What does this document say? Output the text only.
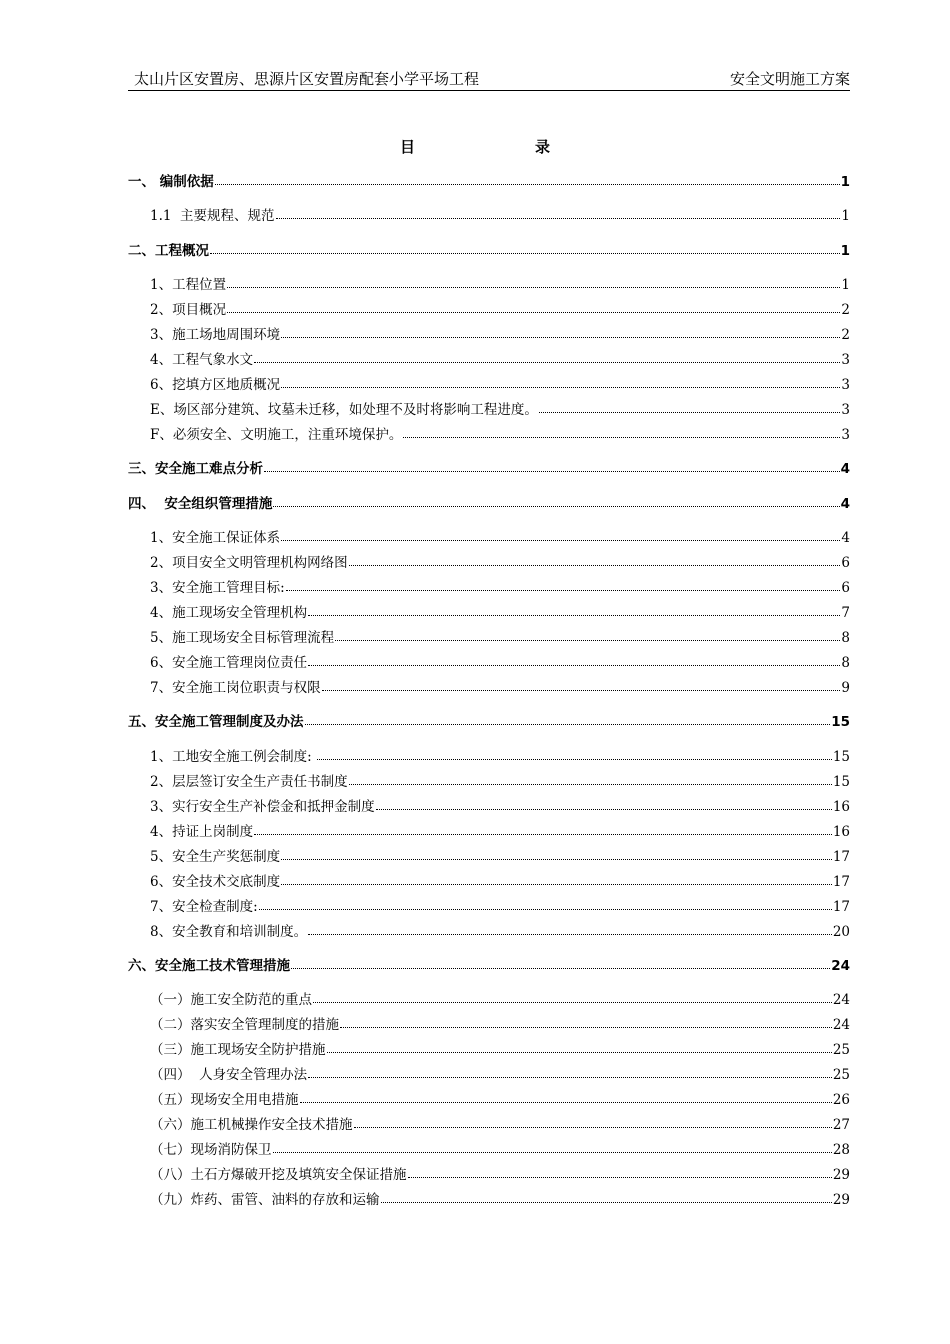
太山片区安置房、思源片区安置房配套小学平场工程	安全文明施工方案
目	录
一、 编制依据	1
1.1  主要规程、规范	1
二、工程概况	1
1、工程位置	1
2、项目概况	2
3、施工场地周围环境	2
4、工程气象水文	3
6、挖填方区地质概况	3
E、场区部分建筑、坟墓未迁移，如处理不及时将影响工程进度。	3
F、必须安全、文明施工，注重环境保护。	3
三、安全施工难点分析	4
四、  安全组织管理措施	4
1、安全施工保证体系	4
2、项目安全文明管理机构网络图	6
3、安全施工管理目标:	6
4、施工现场安全管理机构	7
5、施工现场安全目标管理流程	8
6、安全施工管理岗位责任	8
7、安全施工岗位职责与权限	9
五、安全施工管理制度及办法	15
1、工地安全施工例会制度:	15
2、层层签订安全生产责任书制度	15
3、实行安全生产补偿金和抵押金制度	16
4、持证上岗制度	16
5、安全生产奖惩制度	17
6、安全技术交底制度	17
7、安全检查制度:	17
8、安全教育和培训制度。	20
六、安全施工技术管理措施	24
（一）施工安全防范的重点	24
（二）落实安全管理制度的措施	24
（三）施工现场安全防护措施	25
（四）  人身安全管理办法	25
（五）现场安全用电措施	26
（六）施工机械操作安全技术措施	27
（七）现场消防保卫	28
（八）土石方爆破开挖及填筑安全保证措施	29
（九）炸药、雷管、油料的存放和运输	29
